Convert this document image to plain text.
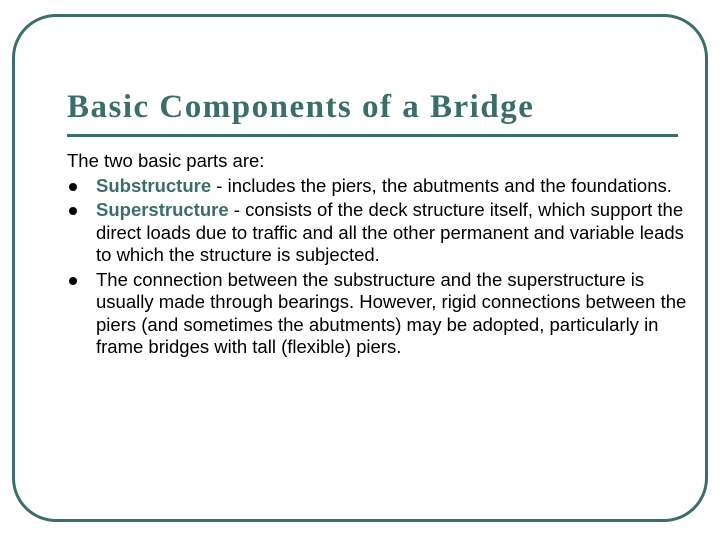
Basic Components of a Bridge

The two basic parts are:

Substructure - includes the piers, the abutments and the foundations.
Superstructure - consists of the deck structure itself, which support the direct loads due to traffic and all the other permanent and variable leads to which the structure is subjected.
The connection between the substructure and the superstructure is usually made through bearings. However, rigid connections between the piers (and sometimes the abutments) may be adopted, particularly in frame bridges with tall (flexible) piers.
